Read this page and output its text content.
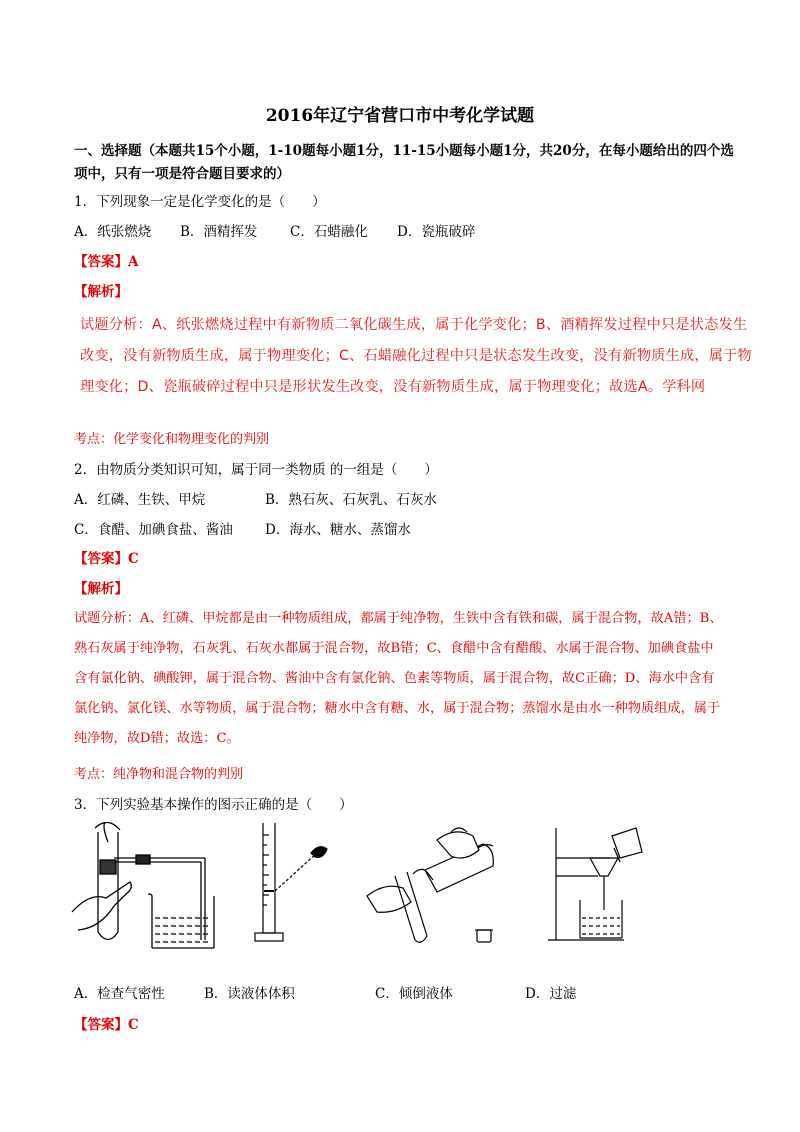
2016年辽宁省营口市中考化学试题
一、选择题（本题共15个小题，1-10题每小题1分，11-15小题每小题1分，共20分，在每小题给出的四个选
项中，只有一项是符合题目要求的）
1．下列现象一定是化学变化的是（　　）
A．纸张燃烧 B．酒精挥发 C．石蜡融化 D．瓷瓶破碎
【答案】A
【解析】
试题分析：A、纸张燃烧过程中有新物质二氧化碳生成，属于化学变化；B、酒精挥发过程中只是状态发生
改变，没有新物质生成，属于物理变化；C、石蜡融化过程中只是状态发生改变，没有新物质生成，属于物
理变化；D、瓷瓶破碎过程中只是形状发生改变，没有新物质生成，属于物理变化；故选A。学科网
考点：化学变化和物理变化的判别
2．由物质分类知识可知，属于同一类物质 的一组是（　　）
A．红磷、生铁、甲烷	B．熟石灰、石灰乳、石灰水
C．食醋、加碘食盐、酱油 D．海水、糖水、蒸馏水
【答案】C
【解析】
试题分析：A、红磷、甲烷都是由一种物质组成，都属于纯净物，生铁中含有铁和碳，属于混合物，故A错；B、
熟石灰属于纯净物，石灰乳、石灰水都属于混合物，故B错；C、食醋中含有醋酸、水属于混合物、加碘食盐中
含有氯化钠、碘酸钾，属于混合物、酱油中含有氯化钠、色素等物质，属于混合物，故C正确；D、海水中含有
氯化钠、氯化镁、水等物质，属于混合物；糖水中含有糖、水，属于混合物；蒸馏水是由水一种物质组成，属于
纯净物，故D错；故选：C。
考点：纯净物和混合物的判别
3．下列实验基本操作的图示正确的是（　　）
A．检查气密性	B．读液体体积	C．倾倒液体	D．过滤
【答案】C
